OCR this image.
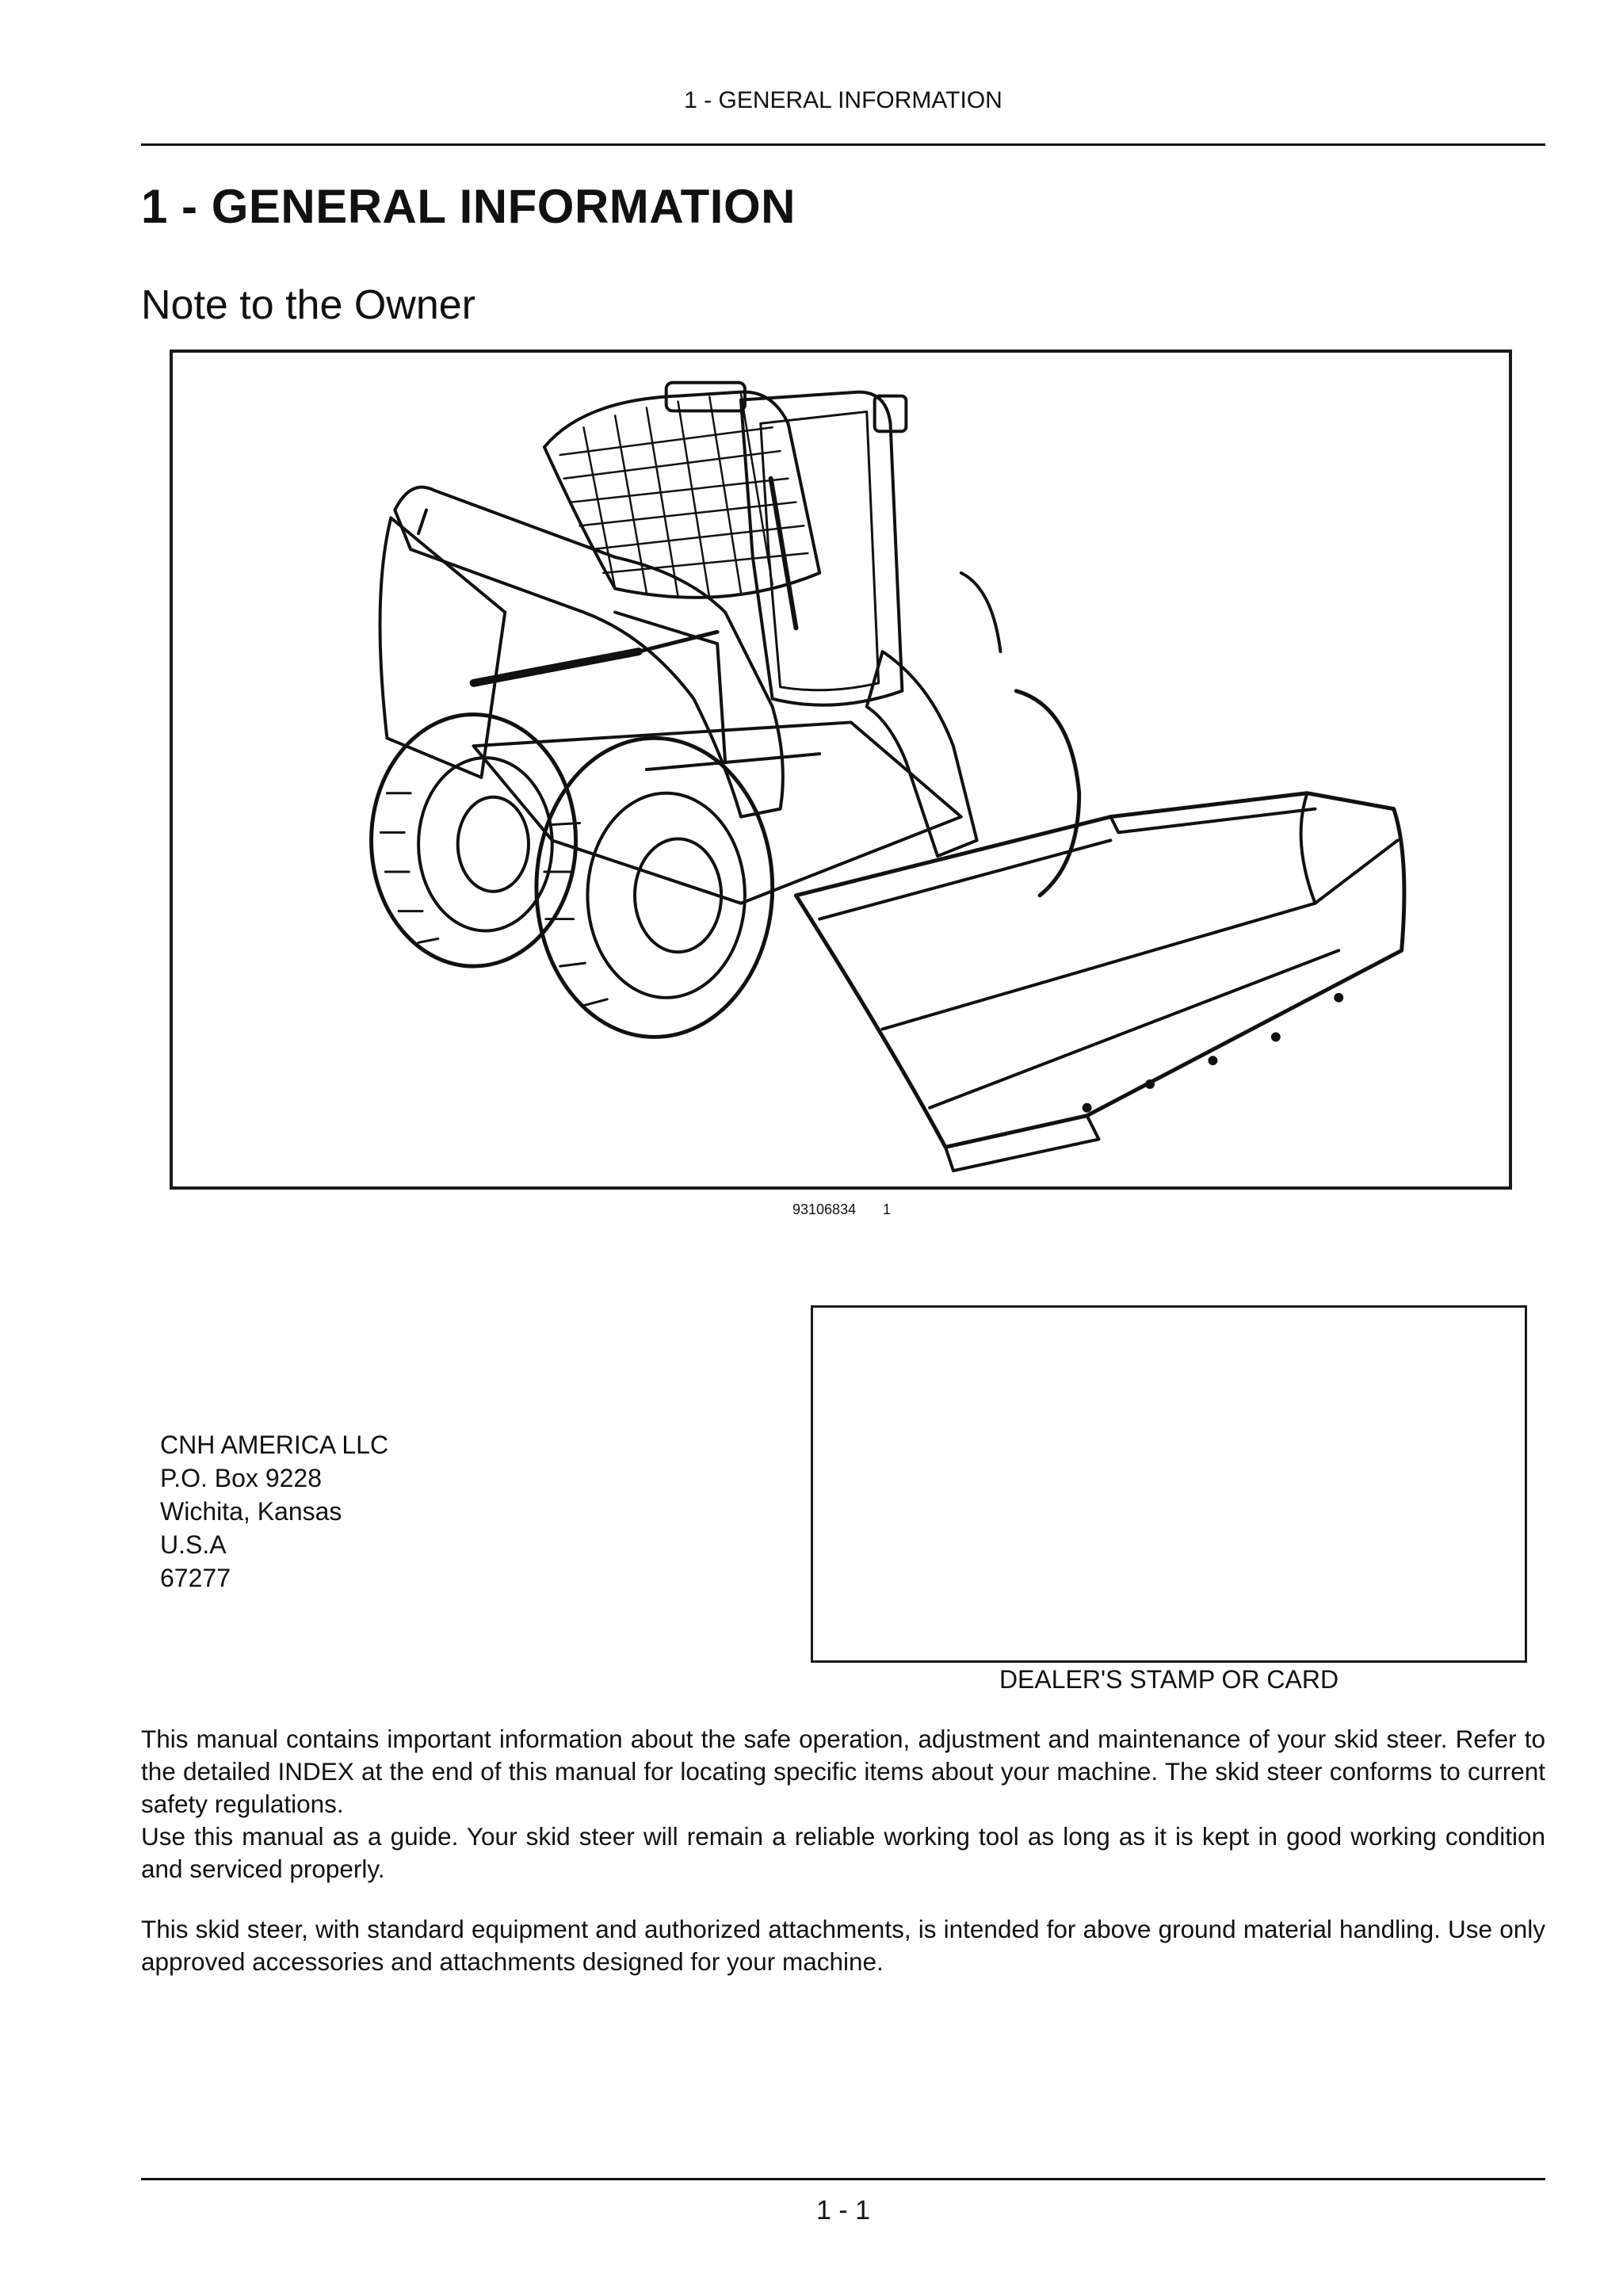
1 - GENERAL INFORMATION
1 - GENERAL INFORMATION
Note to the Owner
93106834 1
CNH AMERICA LLC
P.O. Box 9228
Wichita, Kansas
U.S.A
67277
DEALER'S STAMP OR CARD

This manual contains important information about the safe operation, adjustment and maintenance of your skid steer. Refer to the detailed INDEX at the end of this manual for locating specific items about your machine. The skid steer conforms to current safety regulations.

Use this manual as a guide. Your skid steer will remain a reliable working tool as long as it is kept in good working condition and serviced properly.

This skid steer, with standard equipment and authorized attachments, is intended for above ground material handling. Use only approved accessories and attachments designed for your machine.

1 - 1
